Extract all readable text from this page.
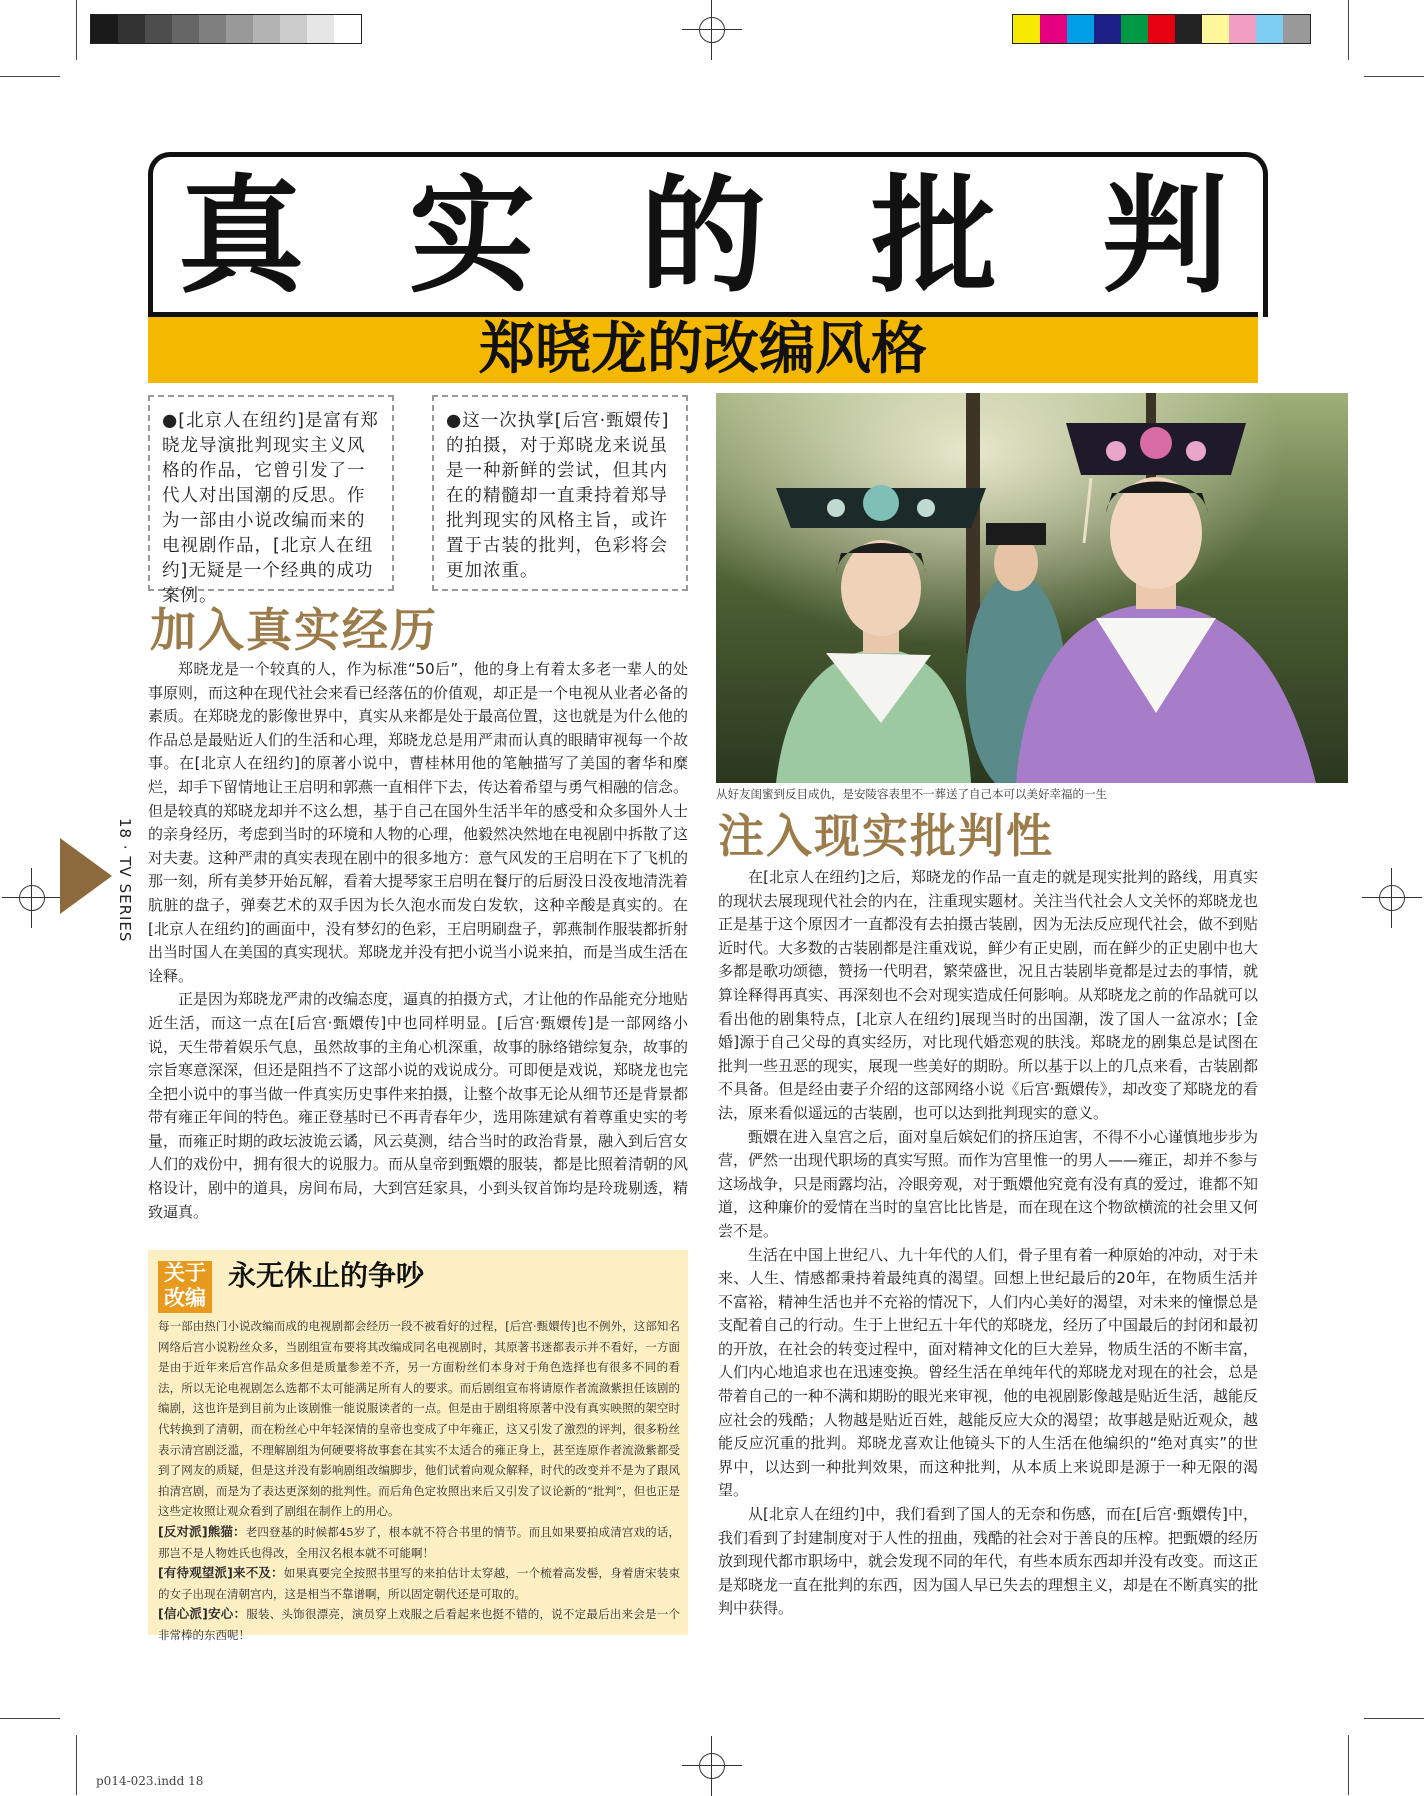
真 实 的 批 判
郑晓龙的改编风格
●[北京人在纽约]是富有郑晓龙导演批判现实主义风格的作品，它曾引发了一代人对出国潮的反思。作为一部由小说改编而来的电视剧作品，[北京人在纽约]无疑是一个经典的成功案例。
●这一次执掌[后宫·甄嬛传]的拍摄，对于郑晓龙来说虽是一种新鲜的尝试，但其内在的精髓却一直秉持着郑导批判现实的风格主旨，或许置于古装的批判，色彩将会更加浓重。
加入真实经历

郑晓龙是一个较真的人，作为标准“50后”，他的身上有着太多老一辈人的处事原则，而这种在现代社会来看已经落伍的价值观，却正是一个电视从业者必备的素质。在郑晓龙的影像世界中，真实从来都是处于最高位置，这也就是为什么他的作品总是最贴近人们的生活和心理，郑晓龙总是用严肃而认真的眼睛审视每一个故事。在[北京人在纽约]的原著小说中，曹桂林用他的笔触描写了美国的奢华和糜烂，却手下留情地让王启明和郭燕一直相伴下去，传达着希望与勇气相融的信念。但是较真的郑晓龙却并不这么想，基于自己在国外生活半年的感受和众多国外人士的亲身经历，考虑到当时的环境和人物的心理，他毅然决然地在电视剧中拆散了这对夫妻。这种严肃的真实表现在剧中的很多地方：意气风发的王启明在下了飞机的那一刻，所有美梦开始瓦解，看着大提琴家王启明在餐厅的后厨没日没夜地清洗着肮脏的盘子，弹奏艺术的双手因为长久泡水而发白发软，这种辛酸是真实的。在[北京人在纽约]的画面中，没有梦幻的色彩，王启明刷盘子，郭燕制作服装都折射出当时国人在美国的真实现状。郑晓龙并没有把小说当小说来拍，而是当成生活在诠释。

正是因为郑晓龙严肃的改编态度，逼真的拍摄方式，才让他的作品能充分地贴近生活，而这一点在[后宫·甄嬛传]中也同样明显。[后宫·甄嬛传]是一部网络小说，天生带着娱乐气息，虽然故事的主角心机深重，故事的脉络错综复杂，故事的宗旨寒意深深，但还是阻挡不了这部小说的戏说成分。可即便是戏说，郑晓龙也完全把小说中的事当做一件真实历史事件来拍摄，让整个故事无论从细节还是背景都带有雍正年间的特色。雍正登基时已不再青春年少，选用陈建斌有着尊重史实的考量，而雍正时期的政坛波诡云谲，风云莫测，结合当时的政治背景，融入到后宫女人们的戏份中，拥有很大的说服力。而从皇帝到甄嬛的服装，都是比照着清朝的风格设计，剧中的道具，房间布局，大到宫廷家具，小到头钗首饰均是玲珑剔透，精致逼真。

从好友闺蜜到反目成仇，是安陵容表里不一葬送了自己本可以美好幸福的一生
注入现实批判性

在[北京人在纽约]之后，郑晓龙的作品一直走的就是现实批判的路线，用真实的现状去展现现代社会的内在，注重现实题材。关注当代社会人文关怀的郑晓龙也正是基于这个原因才一直都没有去拍摄古装剧，因为无法反应现代社会，做不到贴近时代。大多数的古装剧都是注重戏说，鲜少有正史剧，而在鲜少的正史剧中也大多都是歌功颂德，赞扬一代明君，繁荣盛世，况且古装剧毕竟都是过去的事情，就算诠释得再真实、再深刻也不会对现实造成任何影响。从郑晓龙之前的作品就可以看出他的剧集特点，[北京人在纽约]展现当时的出国潮，泼了国人一盆凉水；[金婚]源于自己父母的真实经历，对比现代婚恋观的肤浅。郑晓龙的剧集总是试图在批判一些丑恶的现实，展现一些美好的期盼。所以基于以上的几点来看，古装剧都不具备。但是经由妻子介绍的这部网络小说《后宫·甄嬛传》，却改变了郑晓龙的看法，原来看似遥远的古装剧，也可以达到批判现实的意义。

甄嬛在进入皇宫之后，面对皇后嫔妃们的挤压迫害，不得不小心谨慎地步步为营，俨然一出现代职场的真实写照。而作为宫里惟一的男人——雍正，却并不参与这场战争，只是雨露均沾，冷眼旁观，对于甄嬛他究竟有没有真的爱过，谁都不知道，这种廉价的爱情在当时的皇宫比比皆是，而在现在这个物欲横流的社会里又何尝不是。

生活在中国上世纪八、九十年代的人们，骨子里有着一种原始的冲动，对于未来、人生、情感都秉持着最纯真的渴望。回想上世纪最后的20年，在物质生活并不富裕，精神生活也并不充裕的情况下，人们内心美好的渴望，对未来的憧憬总是支配着自己的行动。生于上世纪五十年代的郑晓龙，经历了中国最后的封闭和最初的开放，在社会的转变过程中，面对精神文化的巨大差异，物质生活的不断丰富，人们内心地追求也在迅速变换。曾经生活在单纯年代的郑晓龙对现在的社会，总是带着自己的一种不满和期盼的眼光来审视，他的电视剧影像越是贴近生活，越能反应社会的残酷；人物越是贴近百姓，越能反应大众的渴望；故事越是贴近观众，越能反应沉重的批判。郑晓龙喜欢让他镜头下的人生活在他编织的“绝对真实”的世界中，以达到一种批判效果，而这种批判，从本质上来说即是源于一种无限的渴望。

从[北京人在纽约]中，我们看到了国人的无奈和伤感，而在[后宫·甄嬛传]中，我们看到了封建制度对于人性的扭曲，残酷的社会对于善良的压榨。把甄嬛的经历放到现代都市职场中，就会发现不同的年代，有些本质东西却并没有改变。而这正是郑晓龙一直在批判的东西，因为国人早已失去的理想主义，却是在不断真实的批判中获得。

18 · TV SERIES
关于改编
永无休止的争吵

每一部由热门小说改编而成的电视剧都会经历一段不被看好的过程，[后宫·甄嬛传]也不例外，这部知名网络后宫小说粉丝众多，当剧组宣布要将其改编成同名电视剧时，其原著书迷都表示并不看好，一方面是由于近年来后宫作品众多但是质量参差不齐，另一方面粉丝们本身对于角色选择也有很多不同的看法，所以无论电视剧怎么选都不太可能满足所有人的要求。而后剧组宣布将请原作者流潋紫担任该剧的编剧，这也许是到目前为止该剧惟一能说服读者的一点。但是由于剧组将原著中没有真实映照的架空时代转换到了清朝，而在粉丝心中年轻深情的皇帝也变成了中年雍正，这又引发了激烈的评判，很多粉丝表示清宫剧泛滥，不理解剧组为何硬要将故事套在其实不太适合的雍正身上，甚至连原作者流潋紫都受到了网友的质疑，但是这并没有影响剧组改编脚步，他们试着向观众解释，时代的改变并不是为了跟风拍清宫剧，而是为了表达更深刻的批判性。而后角色定妆照出来后又引发了议论新的“批判”，但也正是这些定妆照让观众看到了剧组在制作上的用心。

[反对派]熊猫：老四登基的时候都45岁了，根本就不符合书里的情节。而且如果要拍成清宫戏的话，那岂不是人物姓氏也得改，全用汉名根本就不可能啊！

[有待观望派]来不及：如果真要完全按照书里写的来拍估计太穿越，一个梳着高发髻，身着唐宋装束的女子出现在清朝宫内，这是相当不靠谱啊，所以固定朝代还是可取的。

[信心派]安心：服装、头饰很漂亮，演员穿上戏服之后看起来也挺不错的，说不定最后出来会是一个非常棒的东西呢！

p014-023.indd 18
